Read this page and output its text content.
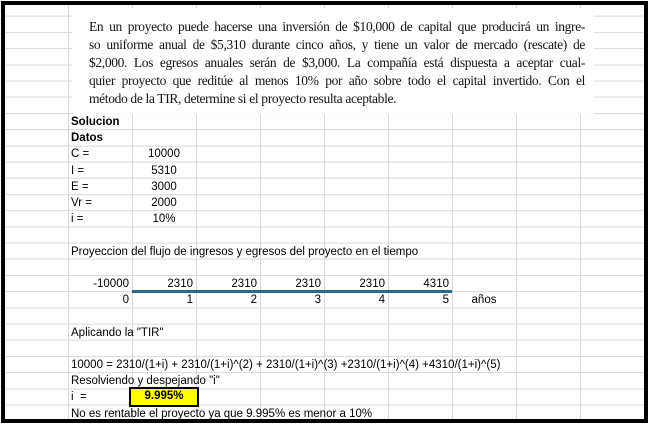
En un proyecto puede hacerse una inversión de $10,000 de capital que producirá un ingre-
so uniforme anual de $5,310 durante cinco años, y tiene un valor de mercado (rescate) de
$2,000. Los egresos anuales serán de $3,000. La compañía está dispuesta a aceptar cual-
quier proyecto que reditúe al menos 10% por año sobre todo el capital invertido. Con el
método de la TIR, determine si el proyecto resulta aceptable.
Solucion
Datos
C =	10000
I =	5310
E =	3000
Vr =	2000
i =	10%
Proyeccion del flujo de ingresos y egresos del proyecto en el tiempo
-10000	2310	2310	2310	2310	4310
0	1	2	3	4	5	años
Aplicando la "TIR"
10000 = 2310/(1+i) + 2310/(1+i)^(2) + 2310/(1+i)^(3) +2310/(1+i)^(4) +4310/(1+i)^(5)
Resolviendo y despejando "i"
i  =	9.995%
No es rentable el proyecto ya que 9.995% es menor a 10%
